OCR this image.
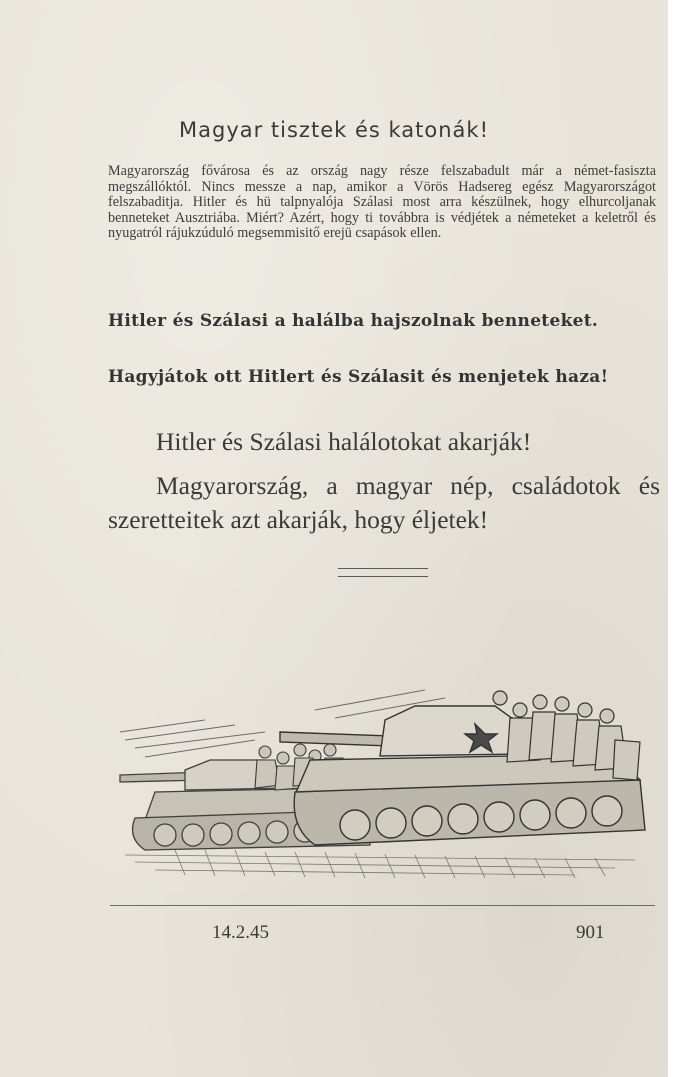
Magyar tisztek és katonák!
Magyarország fővárosa és az ország nagy része felszabadult már a német-fasiszta megszállóktól. Nincs messze a nap, amikor a Vörös Hadsereg egész Magyarországot felszabaditja. Hitler és hü talpnyalója Szálasi most arra készülnek, hogy elhurcoljanak benneteket Ausztriába. Miért? Azért, hogy ti továbbra is védjétek a németeket a keletről és nyugatról rájukzúduló megsemmisitő erejü csapások ellen.
Hitler és Szálasi a halálba hajszolnak benneteket.
Hagyjátok ott Hitlert és Szálasit és menjetek haza!
Hitler és Szálasi halálotokat akarják!
Magyarország, a magyar nép, családotok és szeretteitek azt akarják, hogy éljetek!
14.2.45	901
